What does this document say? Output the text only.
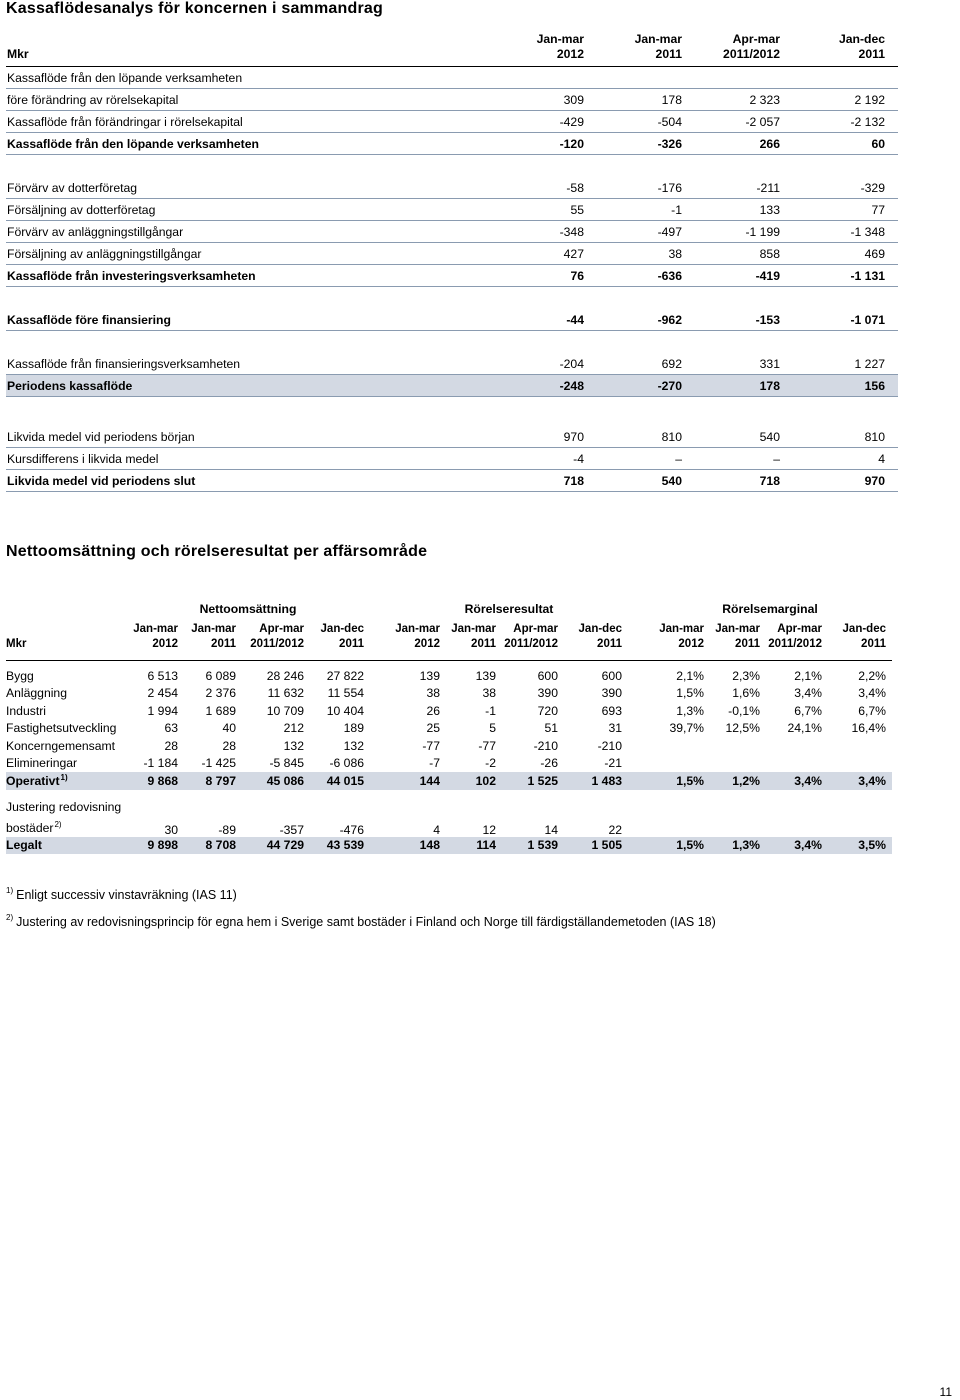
Kassaflödesanalys för koncernen i sammandrag
	Jan-mar	Jan-mar	Apr-mar	Jan-dec
Mkr	2012	2011	2011/2012	2011
Kassaflöde från den löpande verksamheten				
före förändring av rörelsekapital	309	178	2 323	2 192
Kassaflöde från förändringar i rörelsekapital	-429	-504	-2 057	-2 132
Kassaflöde från den löpande verksamheten	-120	-326	266	60

Förvärv av dotterföretag	-58	-176	-211	-329
Försäljning av dotterföretag	55	-1	133	77
Förvärv av anläggningstillgångar	-348	-497	-1 199	-1 348
Försäljning av anläggningstillgångar	427	38	858	469
Kassaflöde från investeringsverksamheten	76	-636	-419	-1 131

Kassaflöde före finansiering	-44	-962	-153	-1 071

Kassaflöde från finansieringsverksamheten	-204	692	331	1 227
Periodens kassaflöde	-248	-270	178	156

Likvida medel vid periodens början	970	810	540	810
Kursdifferens i likvida medel	-4	–	–	4
Likvida medel vid periodens slut	718	540	718	970
Nettoomsättning och rörelseresultat per affärsområde
	Nettoomsättning					Rörelseresultat					Rörelsemarginal			
	Jan-mar	Jan-mar	Apr-mar	Jan-dec		Jan-mar	Jan-mar	Apr-mar	Jan-dec		Jan-mar	Jan-mar	Apr-mar	Jan-dec
Mkr	2012	2011	2011/2012	2011		2012	2011	2011/2012	2011		2012	2011	2011/2012	2011

Bygg	6 513	6 089	28 246	27 822		139	139	600	600		2,1%	2,3%	2,1%	2,2%
Anläggning	2 454	2 376	11 632	11 554		38	38	390	390		1,5%	1,6%	3,4%	3,4%
Industri	1 994	1 689	10 709	10 404		26	-1	720	693		1,3%	-0,1%	6,7%	6,7%
Fastighetsutveckling	63	40	212	189		25	5	51	31		39,7%	12,5%	24,1%	16,4%
Koncerngemensamt	28	28	132	132		-77	-77	-210	-210					
Elimineringar	-1 184	-1 425	-5 845	-6 086		-7	-2	-26	-21					
Operativt$^{1)}$	9 868	8 797	45 086	44 015		144	102	1 525	1 483		1,5%	1,2%	3,4%	3,4%

Justering redovisning
bostäder$^{2)}$	30	-89	-357	-476		4	12	14	22					
Legalt	9 898	8 708	44 729	43 539		148	114	1 539	1 505		1,5%	1,3%	3,4%	3,5%
$^{1)}$ Enligt successiv vinstavräkning (IAS 11)
$^{2)}$ Justering av redovisningsprincip för egna hem i Sverige samt bostäder i Finland och Norge till färdigställandemetoden (IAS 18)
11
